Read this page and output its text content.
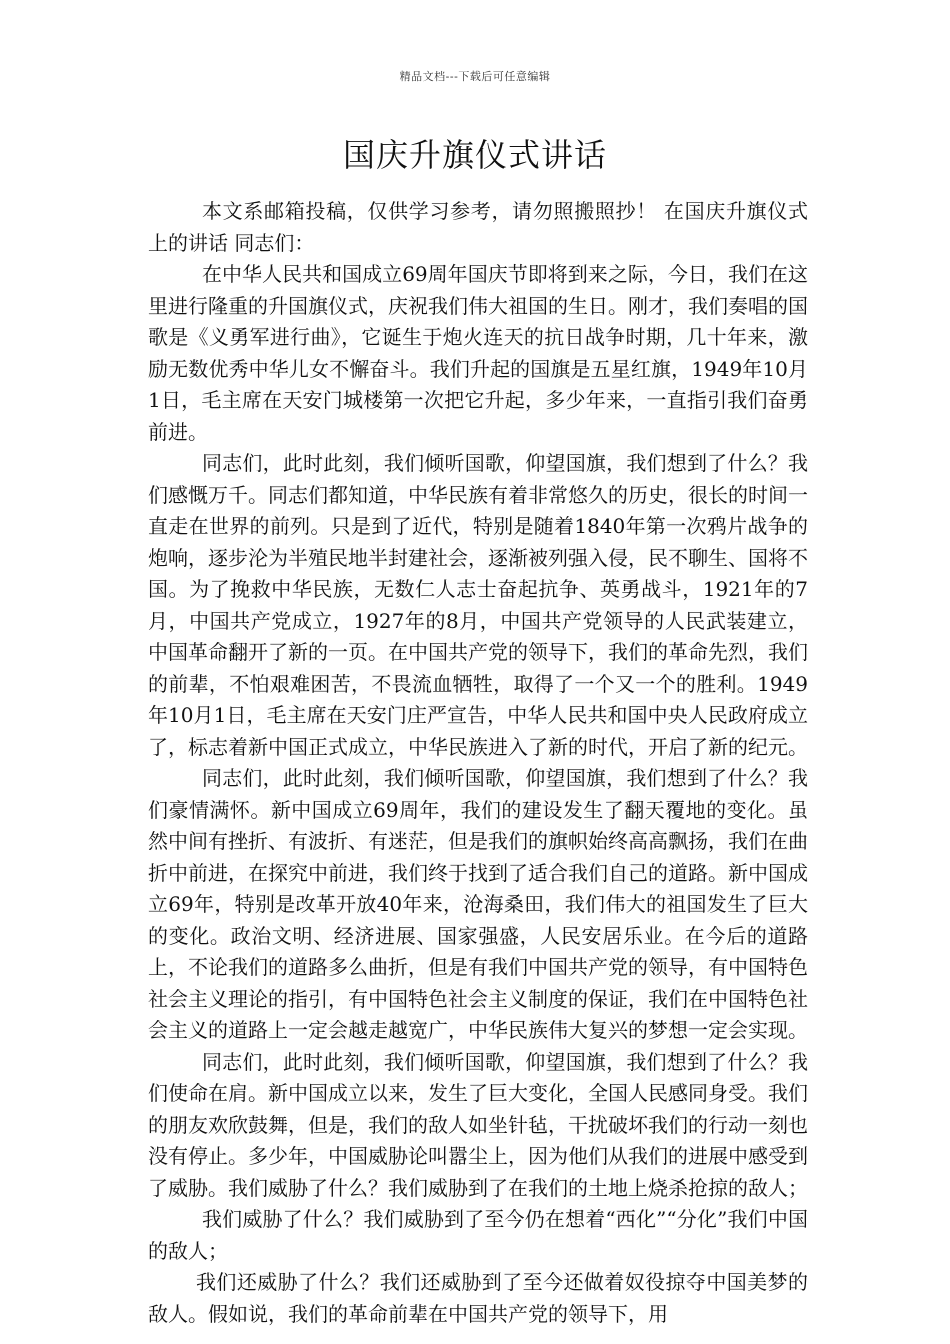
精品文档---下载后可任意编辑
国庆升旗仪式讲话

本文系邮箱投稿，仅供学习参考，请勿照搬照抄！ 在国庆升旗仪式上的讲话 同志们：

在中华人民共和国成立69周年国庆节即将到来之际，今日，我们在这里进行隆重的升国旗仪式，庆祝我们伟大祖国的生日。刚才，我们奏唱的国歌是《义勇军进行曲》，它诞生于炮火连天的抗日战争时期，几十年来，激励无数优秀中华儿女不懈奋斗。我们升起的国旗是五星红旗，1949年10月1日，毛主席在天安门城楼第一次把它升起，多少年来，一直指引我们奋勇前进。

同志们，此时此刻，我们倾听国歌，仰望国旗，我们想到了什么？我们感慨万千。同志们都知道，中华民族有着非常悠久的历史，很长的时间一直走在世界的前列。只是到了近代，特别是随着1840年第一次鸦片战争的炮响，逐步沦为半殖民地半封建社会，逐渐被列强入侵，民不聊生、国将不国。为了挽救中华民族，无数仁人志士奋起抗争、英勇战斗，1921年的7月，中国共产党成立，1927年的8月，中国共产党领导的人民武装建立，中国革命翻开了新的一页。在中国共产党的领导下，我们的革命先烈，我们的前辈，不怕艰难困苦，不畏流血牺牲，取得了一个又一个的胜利。1949年10月1日，毛主席在天安门庄严宣告，中华人民共和国中央人民政府成立了，标志着新中国正式成立，中华民族进入了新的时代，开启了新的纪元。

同志们，此时此刻，我们倾听国歌，仰望国旗，我们想到了什么？我们豪情满怀。新中国成立69周年，我们的建设发生了翻天覆地的变化。虽然中间有挫折、有波折、有迷茫，但是我们的旗帜始终高高飘扬，我们在曲折中前进，在探究中前进，我们终于找到了适合我们自己的道路。新中国成立69年，特别是改革开放40年来，沧海桑田，我们伟大的祖国发生了巨大的变化。政治文明、经济进展、国家强盛，人民安居乐业。在今后的道路上，不论我们的道路多么曲折，但是有我们中国共产党的领导，有中国特色社会主义理论的指引，有中国特色社会主义制度的保证，我们在中国特色社会主义的道路上一定会越走越宽广，中华民族伟大复兴的梦想一定会实现。

同志们，此时此刻，我们倾听国歌，仰望国旗，我们想到了什么？我们使命在肩。新中国成立以来，发生了巨大变化，全国人民感同身受。我们的朋友欢欣鼓舞，但是，我们的敌人如坐针毡，干扰破坏我们的行动一刻也没有停止。多少年，中国威胁论叫嚣尘上，因为他们从我们的进展中感受到了威胁。我们威胁了什么？我们威胁到了在我们的土地上烧杀抢掠的敌人；

我们威胁了什么？我们威胁到了至今仍在想着“西化”“分化”我们中国的敌人；

我们还威胁了什么？我们还威胁到了至今还做着奴役掠夺中国美梦的敌人。假如说，我们的革命前辈在中国共产党的领导下，用
